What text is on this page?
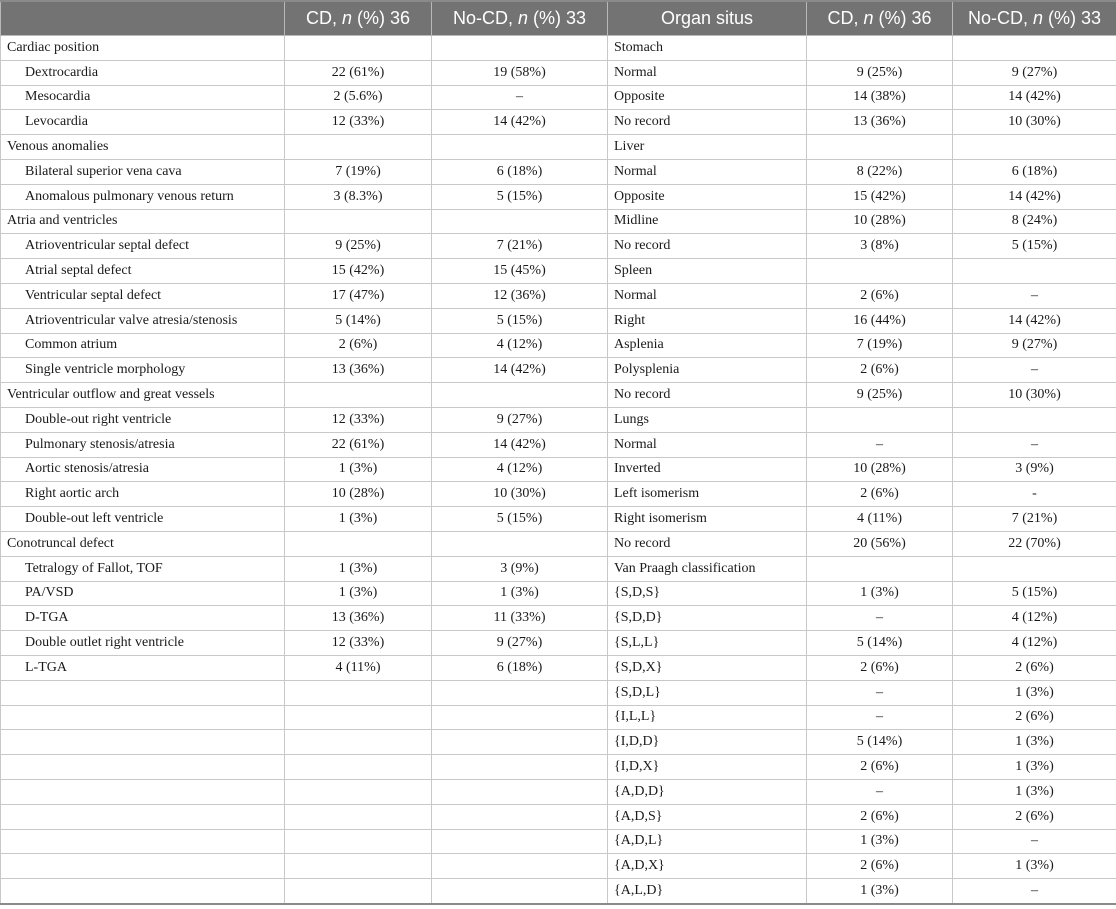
	CD, n (%) 36	No-CD, n (%) 33	Organ situs	CD, n (%) 36	No-CD, n (%) 33
Cardiac position			Stomach		
Dextrocardia	22 (61%)	19 (58%)	Normal	9 (25%)	9 (27%)
Mesocardia	2 (5.6%)	–	Opposite	14 (38%)	14 (42%)
Levocardia	12 (33%)	14 (42%)	No record	13 (36%)	10 (30%)
Venous anomalies			Liver		
Bilateral superior vena cava	7 (19%)	6 (18%)	Normal	8 (22%)	6 (18%)
Anomalous pulmonary venous return	3 (8.3%)	5 (15%)	Opposite	15 (42%)	14 (42%)
Atria and ventricles			Midline	10 (28%)	8 (24%)
Atrioventricular septal defect	9 (25%)	7 (21%)	No record	3 (8%)	5 (15%)
Atrial septal defect	15 (42%)	15 (45%)	Spleen		
Ventricular septal defect	17 (47%)	12 (36%)	Normal	2 (6%)	–
Atrioventricular valve atresia/stenosis	5 (14%)	5 (15%)	Right	16 (44%)	14 (42%)
Common atrium	2 (6%)	4 (12%)	Asplenia	7 (19%)	9 (27%)
Single ventricle morphology	13 (36%)	14 (42%)	Polysplenia	2 (6%)	–
Ventricular outflow and great vessels			No record	9 (25%)	10 (30%)
Double-out right ventricle	12 (33%)	9 (27%)	Lungs		
Pulmonary stenosis/atresia	22 (61%)	14 (42%)	Normal	–	–
Aortic stenosis/atresia	1 (3%)	4 (12%)	Inverted	10 (28%)	3 (9%)
Right aortic arch	10 (28%)	10 (30%)	Left isomerism	2 (6%)	-
Double-out left ventricle	1 (3%)	5 (15%)	Right isomerism	4 (11%)	7 (21%)
Conotruncal defect			No record	20 (56%)	22 (70%)
Tetralogy of Fallot, TOF	1 (3%)	3 (9%)	Van Praagh classification		
PA/VSD	1 (3%)	1 (3%)	{S,D,S}	1 (3%)	5 (15%)
D-TGA	13 (36%)	11 (33%)	{S,D,D}	–	4 (12%)
Double outlet right ventricle	12 (33%)	9 (27%)	{S,L,L}	5 (14%)	4 (12%)
L-TGA	4 (11%)	6 (18%)	{S,D,X}	2 (6%)	2 (6%)
			{S,D,L}	–	1 (3%)
			{I,L,L}	–	2 (6%)
			{I,D,D}	5 (14%)	1 (3%)
			{I,D,X}	2 (6%)	1 (3%)
			{A,D,D}	–	1 (3%)
			{A,D,S}	2 (6%)	2 (6%)
			{A,D,L}	1 (3%)	–
			{A,D,X}	2 (6%)	1 (3%)
			{A,L,D}	1 (3%)	–
